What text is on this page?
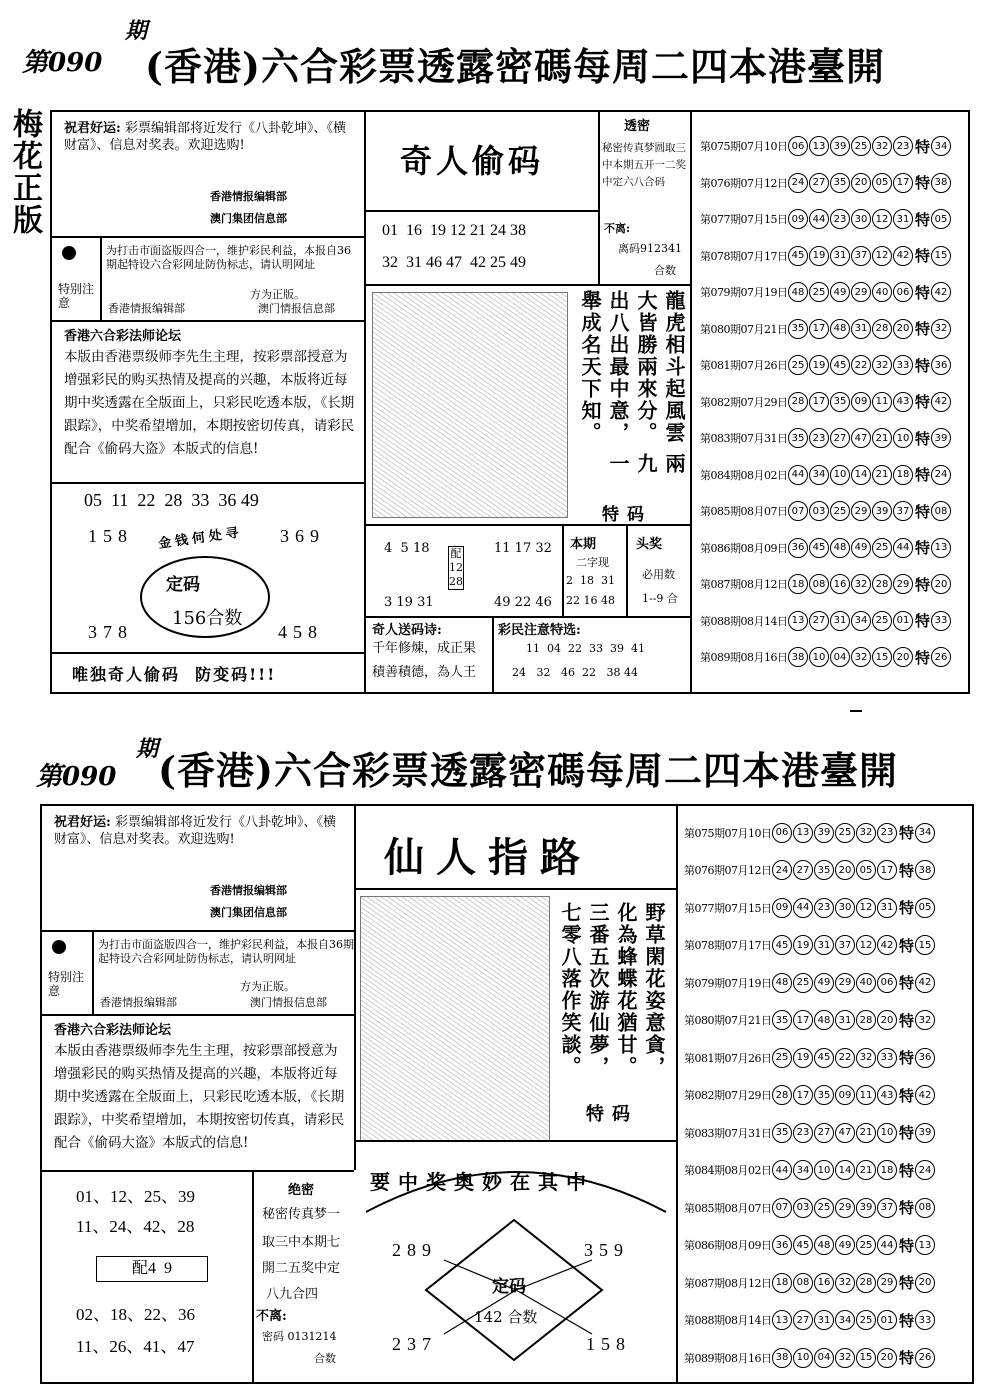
第090
期
(香港)六合彩票透露密碼每周二四本港臺開
梅花正版 祝君好运: 彩票编辑部将近发行《八卦乾坤》、《横财富》、信息对奖表。欢迎选购!
香港情报编辑部
澳门集团信息部
特别注意
为打击市面盗版四合一，维护彩民利益，本报自36期起特设六合彩网址防伪标志，请认明网址
方为正版。
香港情报编辑部	澳门情报信息部
香港六合彩法师论坛
本版由香港票级师李先生主理，按彩票部授意为增强彩民的购买热情及提高的兴趣，本版将近每期中奖透露在全版面上，只彩民吃透本版，《长期跟踪》，中奖希望增加，本期按密切传真，请彩民配合《偷码大盗》本版式的信息!
05  11  22  28  33  36 49
158 金钱何处寻 369
定码
156合数
378	458
唯独奇人偷码  防变码!!!
奇人偷码
01  16  19 12 21 24 38
32  31 46 47  42 25 49
龍虎相斗起風雲 兩大皆勝兩來分。 九出八出最中意， 一舉成名天下知。
特码
4  5 18 配12 28
11 17 32
3 19 31	49 22 46
本期
二字现
2  18  31
22 16 48
头奖
必用数
1--9 合
奇人送码诗:
千年修煉，成正果
積善積德，為人王
彩民注意特选:
11  04  22  33  39  41
24   32   46  22   38 44
透密
秘密传真梦圆取三中本期五开一二奖中定六八合码
不离:
离码912341
合数
第075期07月10日 06 13 39 25 32 23 特 34
第076期07月12日 24 27 35 20 05 17 特 38
第077期07月15日 09 44 23 30 12 31 特 05
第078期07月17日 45 19 31 37 12 42 特 15
第079期07月19日 48 25 49 29 40 06 特 42
第080期07月21日 35 17 48 31 28 20 特 32
第081期07月26日 25 19 45 22 32 33 特 36
第082期07月29日 28 17 35 09 11 43 特 42
第083期07月31日 35 23 27 47 21 10 特 39
第084期08月02日 44 34 10 14 21 18 特 24
第085期08月07日 07 03 25 29 39 37 特 08
第086期08月09日 36 45 48 49 25 44 特 13
第087期08月12日 18 08 16 32 28 29 特 20
第088期08月14日 13 27 31 34 25 01 特 33
第089期08月16日 38 10 04 32 15 20 特 26
第090
期 (香港)六合彩票透露密碼每周二四本港臺開
祝君好运: 彩票编辑部将近发行《八卦乾坤》、《横财富》、信息对奖表。欢迎选购!
香港情报编辑部
澳门集团信息部
特别注意
为打击市面盗版四合一，维护彩民利益，本报自36期起特设六合彩网址防伪标志，请认明网址
方为正版。
香港情报编辑部	澳门情报信息部
香港六合彩法师论坛
本版由香港票级师李先生主理，按彩票部授意为增强彩民的购买热情及提高的兴趣，本版将近每期中奖透露在全版面上，只彩民吃透本版，《长期跟踪》，中奖希望增加，本期按密切传真，请彩民配合《偷码大盗》本版式的信息!
01、12、25、39
11、24、42、28
配4  9
02、18、22、36
11、26、41、47
绝密
秘密传真梦一
取三中本期七
開二五奖中定
八九合四
不离:
密码 0131214
合数
仙人指路
野草閑花姿意貪， 化為蜂蝶花猶甘。 三番五次游仙夢， 七零八落作笑談。
特码
要中奖奥妙在其中
289	359
定码
142 合数
237	158
第075期07月10日 06 13 39 25 32 23 特 34
第076期07月12日 24 27 35 20 05 17 特 38
第077期07月15日 09 44 23 30 12 31 特 05
第078期07月17日 45 19 31 37 12 42 特 15
第079期07月19日 48 25 49 29 40 06 特 42
第080期07月21日 35 17 48 31 28 20 特 32
第081期07月26日 25 19 45 22 32 33 特 36
第082期07月29日 28 17 35 09 11 43 特 42
第083期07月31日 35 23 27 47 21 10 特 39
第084期08月02日 44 34 10 14 21 18 特 24
第085期08月07日 07 03 25 29 39 37 特 08
第086期08月09日 36 45 48 49 25 44 特 13
第087期08月12日 18 08 16 32 28 29 特 20
第088期08月14日 13 27 31 34 25 01 特 33
第089期08月16日 38 10 04 32 15 20 特 26
